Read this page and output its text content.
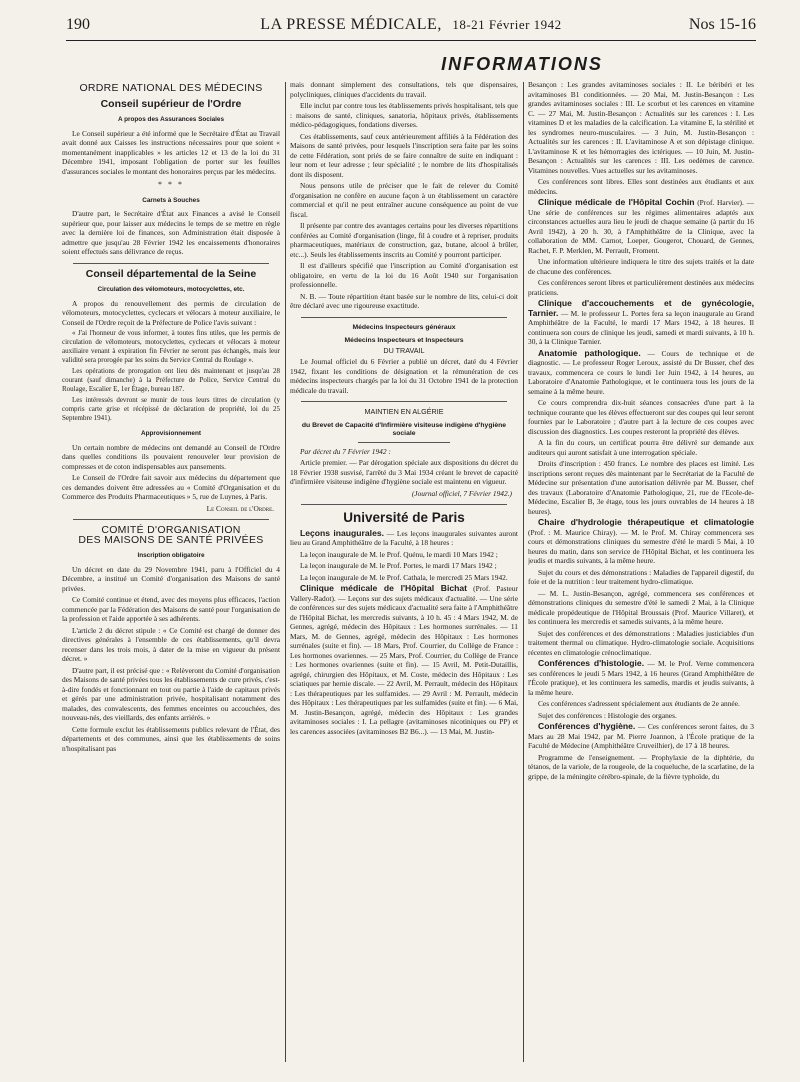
190	LA PRESSE MÉDICALE, 18-21 Février 1942	Nos 15-16
INFORMATIONS
ORDRE NATIONAL DES MÉDECINS
Conseil supérieur de l'Ordre
A propos des Assurances Sociales

Le Conseil supérieur a été informé que le Secrétaire d'État au Travail avait donné aux Caisses les instructions nécessaires pour que soient « momentanément inapplicables » les articles 12 et 13 de la loi du 31 Décembre 1941, imposant l'obligation de porter sur les feuilles d'assurances sociales le montant des honoraires perçus par les médecins.

* * *
Carnets à Souches

D'autre part, le Secrétaire d'État aux Finances a avisé le Conseil supérieur que, pour laisser aux médecins le temps de se mettre en règle avec la dernière loi de finances, son Administration était disposée à admettre que jusqu'au 28 Février 1942 les encaissements d'honoraires soient effectués sans délivrance de reçus.

Conseil départemental de la Seine
Circulation des vélomoteurs, motocyclettes, etc.

A propos du renouvellement des permis de circulation de vélomoteurs, motocyclettes, cyclecars et vélocars à moteur auxiliaire, le Conseil de l'Ordre reçoit de la Préfecture de Police l'avis suivant :

« J'ai l'honneur de vous informer, à toutes fins utiles, que les permis de circulation de vélomoteurs, motocyclettes, cyclecars et vélocars à moteur auxiliaire venant à expiration fin Février ne seront pas échangés, mais leur validité sera prorogée par les soins du Service Central du Roulage ».

Les opérations de prorogation ont lieu dès maintenant et jusqu'au 28 courant (sauf dimanche) à la Préfecture de Police, Service Central du Roulage, Escalier E, 1er Étage, bureau 187.

Les intéressés devront se munir de tous leurs titres de circulation (y compris carte grise et récépissé de déclaration de propriété, loi du 25 Septembre 1941).

Approvisionnement

Un certain nombre de médecins ont demandé au Conseil de l'Ordre dans quelles conditions ils pouvaient renouveler leur provision de compresses et de coton indispensables aux pansements.

Le Conseil de l'Ordre fait savoir aux médecins du département que ces demandes doivent être adressées au « Comité d'Organisation et du Commerce des Produits Pharmaceutiques » 5, rue de Luynes, à Paris.

Le Conseil de l'Ordre.
COMITÉ D'ORGANISATION
DES MAISONS DE SANTÉ PRIVÉES
Inscription obligatoire

Un décret en date du 29 Novembre 1941, paru à l'Officiel du 4 Décembre, a institué un Comité d'organisation des Maisons de santé privées.

Ce Comité continue et étend, avec des moyens plus efficaces, l'action commencée par la Fédération des Maisons de santé pour l'organisation de la profession et l'aide apportée à ses adhérents.

L'article 2 du décret stipule : « Ce Comité est chargé de donner des directives générales à l'ensemble de ces établissements, qu'il devra recenser dans les trois mois, à dater de la mise en vigueur du présent décret. »

D'autre part, il est précisé que : « Relèveront du Comité d'organisation des Maisons de santé privées tous les établissements de cure privés, c'est-à-dire fondés et fonctionnant en tout ou partie à l'aide de capitaux privés et gérés par une administration privée, hospitalisant notamment des malades, des convalescents, des femmes enceintes ou accouchées, des nouveau-nés, des vieillards, des enfants arriérés. »

Cette formule exclut les établissements publics relevant de l'État, des départements et des communes, ainsi que les établissements de soins n'hospitalisant pas

mais donnant simplement des consultations, tels que dispensaires, polycliniques, cliniques d'accidents du travail.

Elle inclut par contre tous les établissements privés hospitalisant, tels que : maisons de santé, cliniques, sanatoria, hôpitaux privés, établissements médico-pédagogiques, fondations diverses.

Ces établissements, sauf ceux antérieurement affiliés à la Fédération des Maisons de santé privées, pour lesquels l'inscription sera faite par les soins de cette Fédération, sont priés de se faire connaître de suite en indiquant : leur nom et leur adresse ; leur spécialité ; le nombre de lits d'hospitalisés dont ils disposent.

Nous pensons utile de préciser que le fait de relever du Comité d'organisation ne confère en aucune façon à un établissement un caractère commercial et qu'il ne peut entraîner aucune conséquence au point de vue fiscal.

Il présente par contre des avantages certains pour les diverses répartitions conférées au Comité d'organisation (linge, fil à coudre et à repriser, produits pharmaceutiques, matériaux de construction, gaz, butane, alcool à brûler, etc...). Seuls les établissements inscrits au Comité y pourront participer.

Il est d'ailleurs spécifié que l'inscription au Comité d'organisation est obligatoire, en vertu de la loi du 16 Août 1940 sur l'organisation professionnelle.

N. B. — Toute répartition étant basée sur le nombre de lits, celui-ci doit être déclaré avec une rigoureuse exactitude.

Médecins Inspecteurs généraux
Médecins Inspecteurs et Inspecteurs
DU TRAVAIL

Le Journal officiel du 6 Février a publié un décret, daté du 4 Février 1942, fixant les conditions de désignation et la rémunération de ces médecins inspecteurs chargés par la loi du 31 Octobre 1941 de la protection médicale du travail.

MAINTIEN EN ALGÉRIE
du Brevet de Capacité d'Infirmière visiteuse indigène d'hygiène sociale

Par décret du 7 Février 1942 :

Article premier. — Par dérogation spéciale aux dispositions du décret du 18 Février 1938 susvisé, l'arrêté du 3 Mai 1934 créant le brevet de capacité d'infirmière visiteuse indigène d'hygiène sociale est maintenu en vigueur.

(Journal officiel, 7 Février 1942.)
Université de Paris

Leçons inaugurales. — Les leçons inaugurales suivantes auront lieu au Grand Amphithéâtre de la Faculté, à 18 heures :

La leçon inaugurale de M. le Prof. Quénu, le mardi 10 Mars 1942 ;

La leçon inaugurale de M. le Prof. Portes, le mardi 17 Mars 1942 ;

La leçon inaugurale de M. le Prof. Cathala, le mercredi 25 Mars 1942.

Clinique médicale de l'Hôpital Bichat (Prof. Pasteur Vallery-Radot). — Leçons sur des sujets médicaux d'actualité. — Une série de conférences sur des sujets médicaux d'actualité sera faite à l'Amphithéâtre de l'Hôpital Bichat, les mercredis suivants, à 10 h. 45 : 4 Mars 1942, M. de Gennes, agrégé, médecin des Hôpitaux : Les hormones surrénales. — 11 Mars, M. de Gennes, agrégé, médecin des Hôpitaux : Les hormones surrénales (suite et fin). — 18 Mars, Prof. Courrier, du Collège de France : Les hormones ovariennes. — 25 Mars, Prof. Courrier, du Collège de France : Les hormones ovariennes (suite et fin). — 15 Avril, M. Petit-Dutaillis, agrégé, chirurgien des Hôpitaux, et M. Coste, médecin des Hôpitaux : Les sciatiques par hernie discale. — 22 Avril, M. Perrault, médecin des Hôpitaux : Les thérapeutiques par les sulfamides. — 29 Avril : M. Perrault, médecin des Hôpitaux : Les thérapeutiques par les sulfamides (suite et fin). — 6 Mai, M. Justin-Besançon, agrégé, médecin des Hôpitaux : Les grandes avitaminoses sociales : I. La pellagre (avitaminoses nicotiniques ou PP) et les carences associées (avitaminoses B2 B6...). — 13 Mai, M. Justin-

Besançon : Les grandes avitaminoses sociales : II. Le béribéri et les avitaminoses B1 conditionnées. — 20 Mai, M. Justin-Besançon : Les grandes avitaminoses sociales : III. Le scorbut et les carences en vitamine C. — 27 Mai, M. Justin-Besançon : Actualités sur les carences : I. Les vitamines D et les maladies de la calcification. La vitamine E, la stérilité et les syndromes neuro-musculaires. — 3 Juin, M. Justin-Besançon : Actualités sur les carences : II. L'avitaminose A et son dépistage clinique. L'avitaminose K et les hémorragies des ictériques. — 10 Juin, M. Justin-Besançon : Actualités sur les carences : III. Les oedèmes de carence. Vitamines nouvelles. Vues actuelles sur les avitaminoses.

Ces conférences sont libres. Elles sont destinées aux étudiants et aux médecins.

Clinique médicale de l'Hôpital Cochin (Prof. Harvier). — Une série de conférences sur les régimes alimentaires adaptés aux circonstances actuelles aura lieu le jeudi de chaque semaine (à partir du 16 Avril 1942), à 20 h. 30, à l'Amphithéâtre de la Clinique, avec la collaboration de MM. Carnot, Loeper, Gougerot, Chouard, de Gennes, Rachet, F. P. Merklen, M. Perrault, Froment.

Une information ultérieure indiquera le titre des sujets traités et la date de chacune des conférences.

Ces conférences seront libres et particulièrement destinées aux médecins praticiens.

Clinique d'accouchements et de gynécologie, Tarnier. — M. le professeur L. Portes fera sa leçon inaugurale au Grand Amphithéâtre de la Faculté, le mardi 17 Mars 1942, à 18 heures. Il continuera son cours de clinique les jeudi, samedi et mardi suivants, à 10 h. 30, à la Clinique Tarnier.

Anatomie pathologique. — Cours de technique et de diagnostic. — Le professeur Roger Leroux, assisté du Dr Busser, chef des travaux, commencera ce cours le lundi 1er Juin 1942, à 14 heures, au Laboratoire d'Anatomie Pathologique, et le continuera tous les jours de la semaine à la même heure.

Ce cours comprendra dix-huit séances consacrées d'une part à la technique courante que les élèves effectueront sur des coupes qui leur seront fournies par le Laboratoire ; d'autre part à la lecture de ces coupes avec discussion des diagnostics. Les coupes resteront la propriété des élèves.

A la fin du cours, un certificat pourra être délivré sur demande aux auditeurs qui auront satisfait à une interrogation spéciale.

Droits d'inscription : 450 francs. Le nombre des places est limité. Les inscriptions seront reçues dès maintenant par le Secrétariat de la Faculté de Médecine sur présentation d'une autorisation délivrée par M. Busser, chef des travaux (Laboratoire d'Anatomie Pathologique, 21, rue de l'Ecole-de-Médecine, Escalier B, 3e étage, tous les jours ouvrables de 14 heures à 18 heures).

Chaire d'hydrologie thérapeutique et climatologie (Prof. : M. Maurice Chiray). — M. le Prof. M. Chiray commencera ses cours et démonstrations cliniques du semestre d'été le mardi 5 Mai, à 10 heures du matin, dans son service de l'Hôpital Bichat, et les continuera les jeudis et mardis suivants, à la même heure.

Sujet du cours et des démonstrations : Maladies de l'appareil digestif, du foie et de la nutrition : leur traitement hydro-climatique.

— M. L. Justin-Besançon, agrégé, commencera ses conférences et démonstrations cliniques du semestre d'été le samedi 2 Mai, à la Clinique médicale propédeutique de l'Hôpital Broussais (Prof. Maurice Villaret), et les continuera les mercredis et samedis suivants, à la même heure.

Sujet des conférences et des démonstrations : Maladies justiciables d'un traitement thermal ou climatique. Hydro-climatologie sociale. Acquisitions récentes en climatologie crénoclimatique.

Conférences d'histologie. — M. le Prof. Verne commencera ses conférences le jeudi 5 Mars 1942, à 16 heures (Grand Amphithéâtre de l'École pratique), et les continuera les samedis, mardis et jeudis suivants, à la même heure.

Ces conférences s'adressent spécialement aux étudiants de 2e année.

Sujet des conférences : Histologie des organes.

Conférences d'hygiène. — Ces conférences seront faites, du 3 Mars au 28 Mai 1942, par M. Pierre Joannon, à l'École pratique de la Faculté de Médecine (Amphithéâtre Cruveilhier), de 17 à 18 heures.

Programme de l'enseignement. — Prophylaxie de la diphtérie, du tétanos, de la variole, de la rougeole, de la coqueluche, de la scarlatine, de la grippe, de la méningite cérébro-spinale, de la fièvre typhoïde, du
